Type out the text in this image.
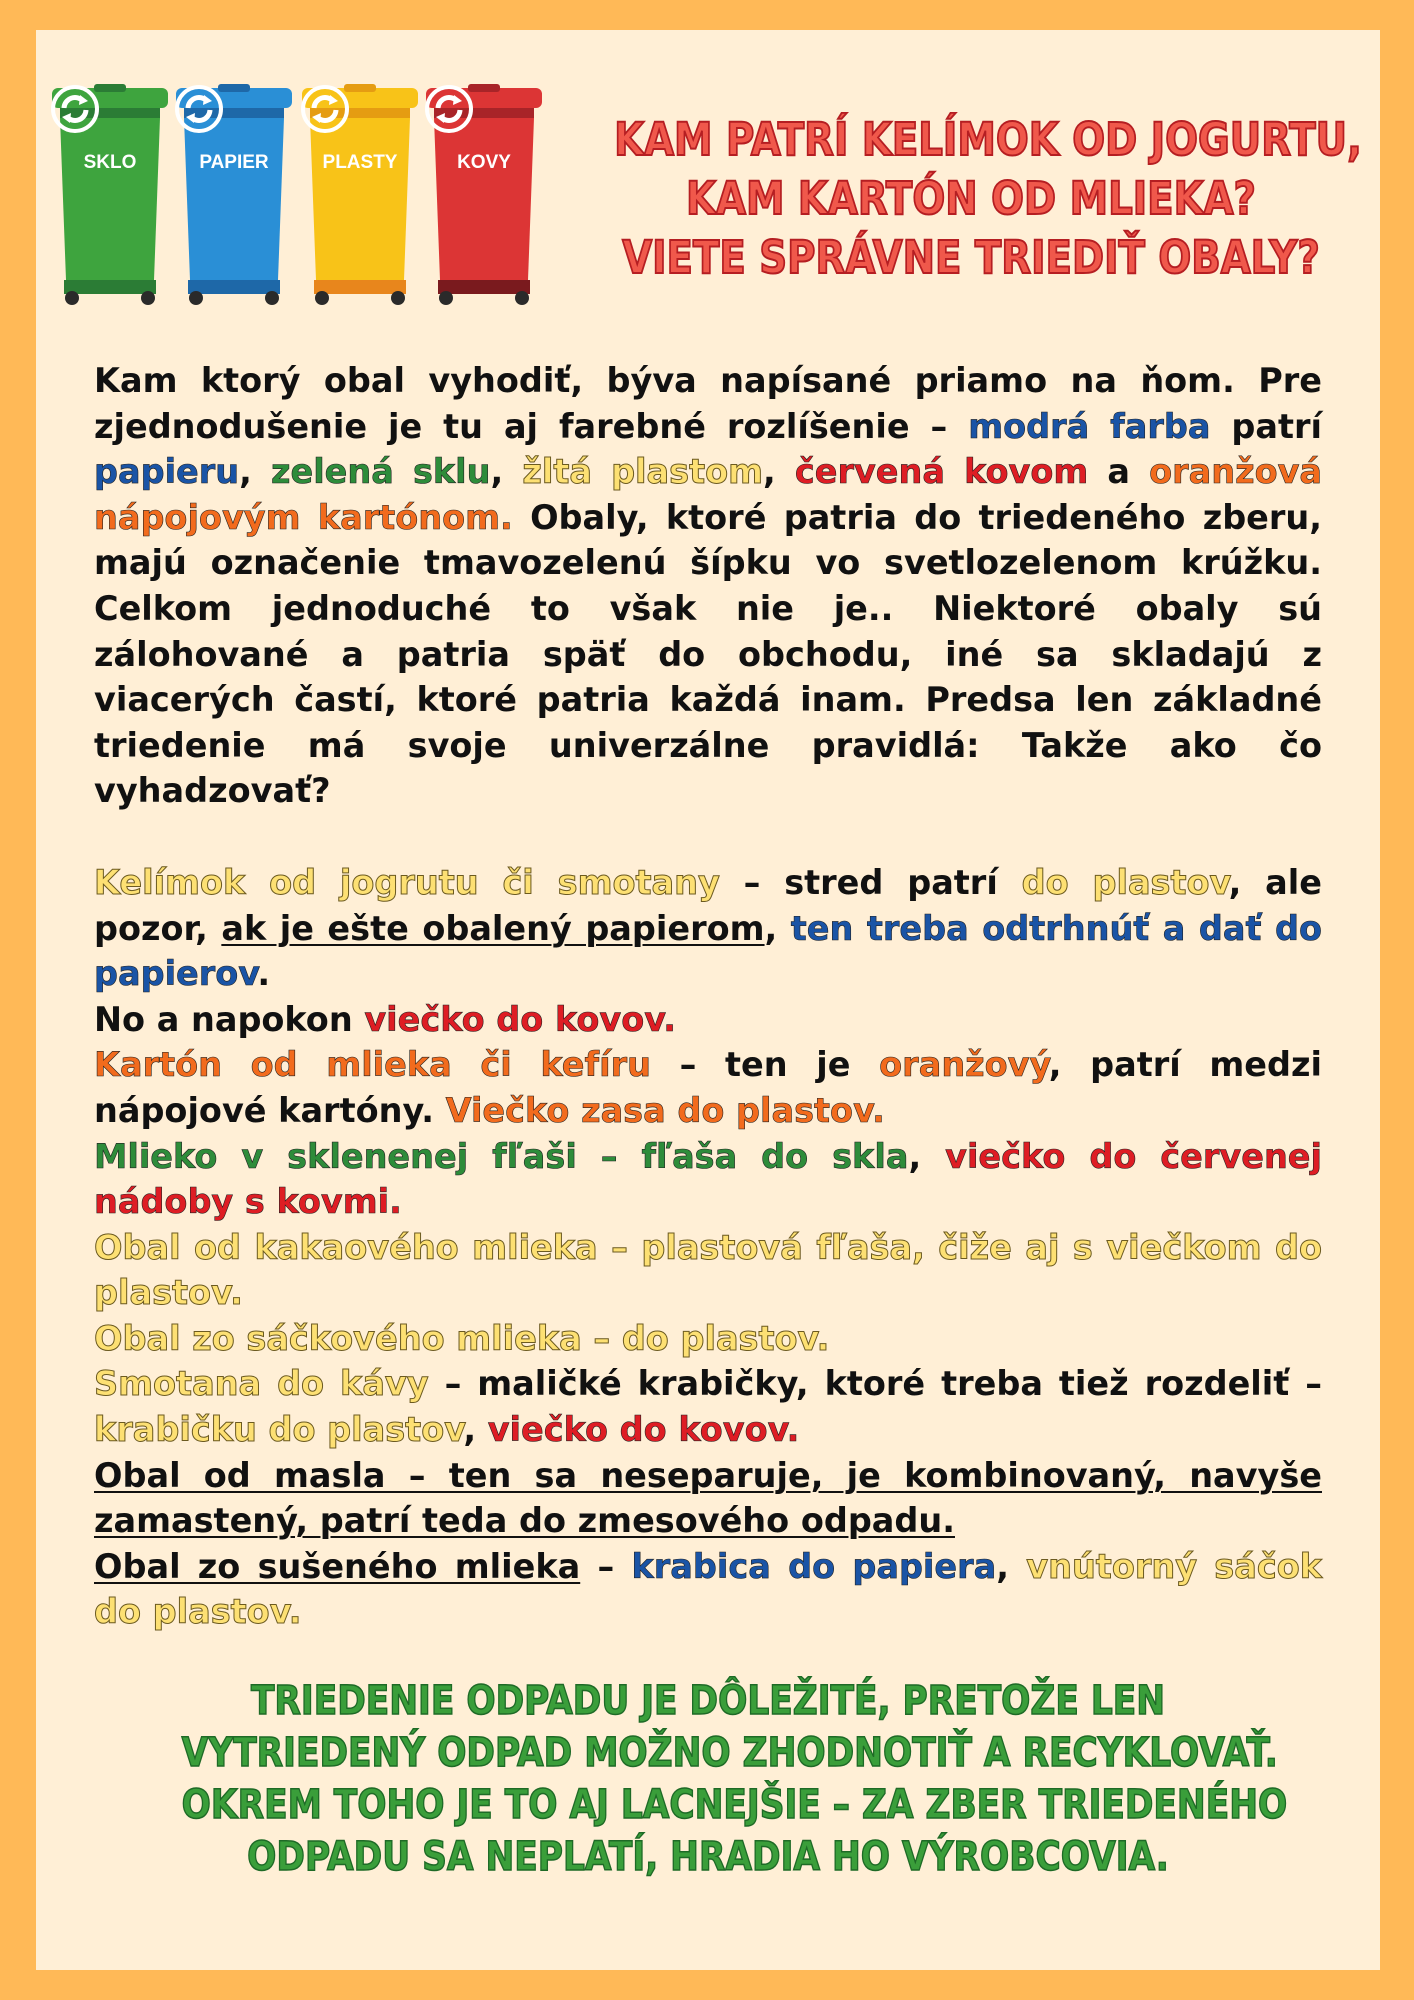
SKLO	PAPIER	PLASTY	KOVY	KAM PATRÍ KELÍMOK OD JOGURTU,
KAM KARTÓN OD MLIEKA?
VIETE SPRÁVNE TRIEDIŤ OBALY?

Kam ktorý obal vyhodiť, býva napísané priamo na ňom. Pre zjednodušenie je tu aj farebné rozlíšenie – modrá farba patrí papieru, zelená sklu, žltá plastom, červená kovom a oranžová nápojovým kartónom. Obaly, ktoré patria do triedeného zberu, majú označenie tmavozelenú šípku vo svetlozelenom krúžku. Celkom jednoduché to však nie je.. Niektoré obaly sú zálohované a patria späť do obchodu, iné sa skladajú z viacerých častí, ktoré patria každá inam. Predsa len základné triedenie má svoje univerzálne pravidlá: Takže ako čo vyhadzovať?

Kelímok od jogrutu či smotany – stred patrí do plastov, ale pozor, ak je ešte obalený papierom, ten treba odtrhnúť a dať do papierov.

No a napokon viečko do kovov.

Kartón od mlieka či kefíru – ten je oranžový, patrí medzi nápojové kartóny. Viečko zasa do plastov.

Mlieko v sklenenej fľaši – fľaša do skla, viečko do červenej nádoby s kovmi.

Obal od kakaového mlieka – plastová fľaša, čiže aj s viečkom do plastov.

Obal zo sáčkového mlieka – do plastov.

Smotana do kávy – maličké krabičky, ktoré treba tiež rozdeliť – krabičku do plastov, viečko do kovov.

Obal od masla – ten sa neseparuje, je kombinovaný, navyše zamastený, patrí teda do zmesového odpadu.

Obal zo sušeného mlieka – krabica do papiera, vnútorný sáčok do plastov.

TRIEDENIE ODPADU JE DÔLEŽITÉ, PRETOŽE LEN
VYTRIEDENÝ ODPAD MOŽNO ZHODNOTIŤ A RECYKLOVAŤ.
OKREM TOHO JE TO AJ LACNEJŠIE – ZA ZBER TRIEDENÉHO
ODPADU SA NEPLATÍ, HRADIA HO VÝROBCOVIA.
